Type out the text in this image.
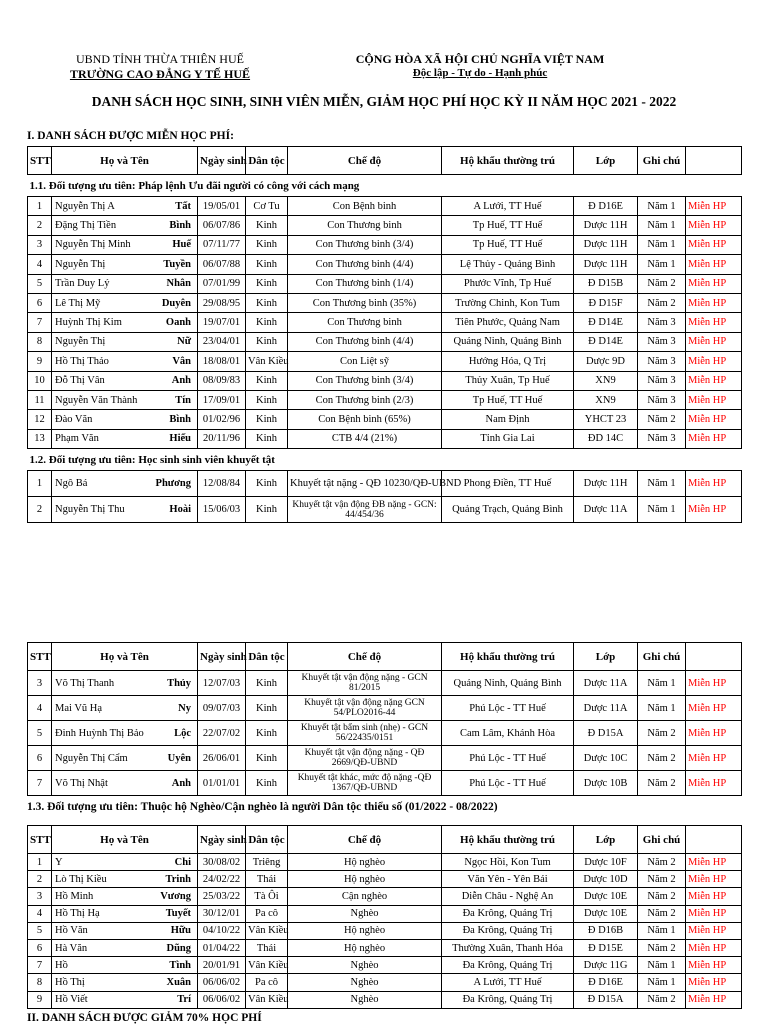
UBND TỈNH THỪA THIÊN HUẾ
TRƯỜNG CAO ĐẲNG Y TẾ HUẾ
CỘNG HÒA XÃ HỘI CHỦ NGHĨA VIỆT NAM
Độc lập - Tự do - Hạnh phúc
DANH SÁCH HỌC SINH, SINH VIÊN MIỄN, GIẢM HỌC PHÍ HỌC KỲ II NĂM HỌC 2021 - 2022
I. DANH SÁCH ĐƯỢC MIỄN HỌC PHÍ:
STT	Họ và Tên		Ngày sinh	Dân tộc	Chế độ	Hộ khẩu thường trú	Lớp	Ghi chú	
1.1. Đối tượng ưu tiên: Pháp lệnh Ưu đãi người có công với cách mạng									
1	Nguyễn Thị A	Tất	19/05/01	Cơ Tu	Con Bệnh binh	A Lưới, TT Huế	Đ D16E	Năm 1	Miễn HP
2	Đặng Thị Tiền	Bình	06/07/86	Kinh	Con Thương binh	Tp Huế, TT Huế	Dược 11H	Năm 1	Miễn HP
3	Nguyễn Thị Minh	Huế	07/11/77	Kinh	Con Thương binh (3/4)	Tp Huế, TT Huế	Dược 11H	Năm 1	Miễn HP
4	Nguyễn Thị	Tuyền	06/07/88	Kinh	Con Thương binh (4/4)	Lệ Thủy - Quảng Bình	Dược 11H	Năm 1	Miễn HP
5	Trần Duy Lý	Nhân	07/01/99	Kinh	Con Thương binh (1/4)	Phước Vĩnh, Tp Huế	Đ D15B	Năm 2	Miễn HP
6	Lê Thị Mỹ	Duyên	29/08/95	Kinh	Con Thương binh (35%)	Trường Chinh, Kon Tum	Đ D15F	Năm 2	Miễn HP
7	Huỳnh Thị Kim	Oanh	19/07/01	Kinh	Con Thương binh	Tiên Phước, Quảng Nam	Đ D14E	Năm 3	Miễn HP
8	Nguyễn Thị	Nữ	23/04/01	Kinh	Con Thương binh (4/4)	Quảng Ninh, Quảng Bình	Đ D14E	Năm 3	Miễn HP
9	Hồ Thị Thảo	Vân	18/08/01	Vân Kiều	Con Liệt sỹ	Hướng Hóa, Q Trị	Dược 9D	Năm 3	Miễn HP
10	Đỗ Thị Vân	Anh	08/09/83	Kinh	Con Thương binh (3/4)	Thủy Xuân, Tp Huế	XN9	Năm 3	Miễn HP
11	Nguyễn Văn Thành	Tín	17/09/01	Kinh	Con Thương binh (2/3)	Tp Huế, TT Huế	XN9	Năm 3	Miễn HP
12	Đào Văn	Bình	01/02/96	Kinh	Con Bệnh binh (65%)	Nam Định	YHCT 23	Năm 2	Miễn HP
13	Phạm Văn	Hiếu	20/11/96	Kinh	CTB 4/4 (21%)	Tỉnh Gia Lai	ĐD 14C	Năm 3	Miễn HP
1.2. Đối tượng ưu tiên: Học sinh sinh viên khuyết tật									
1	Ngô Bá	Phương	12/08/84	Kinh	Khuyết tật nặng - QĐ 10230/QĐ-UBND	Phong Điền, TT Huế	Dược 11H	Năm 1	Miễn HP
2	Nguyễn Thị Thu	Hoài	15/06/03	Kinh	Khuyết tật vận động ĐB nặng - GCN: 44/454/36	Quảng Trạch, Quảng Bình	Dược 11A	Năm 1	Miễn HP
STT	Họ và Tên		Ngày sinh	Dân tộc	Chế độ	Hộ khẩu thường trú	Lớp	Ghi chú	
3	Võ Thị Thanh	Thủy	12/07/03	Kinh	Khuyết tật vận động nặng - GCN 81/2015	Quảng Ninh, Quảng Bình	Dược 11A	Năm 1	Miễn HP
4	Mai Vũ Hạ	Ny	09/07/03	Kinh	Khuyết tật vận động nặng GCN 54/PLO2016-44	Phú Lộc - TT Huế	Dược 11A	Năm 1	Miễn HP
5	Đinh Huỳnh Thị Bảo	Lộc	22/07/02	Kinh	Khuyết tật bẩm sinh (nhẹ) - GCN 56/22435/0151	Cam Lâm, Khánh Hòa	Đ D15A	Năm 2	Miễn HP
6	Nguyễn Thị Cẩm	Uyên	26/06/01	Kinh	Khuyết tật vận động nặng - QĐ 2669/QĐ-UBND	Phú Lộc - TT Huế	Dược 10C	Năm 2	Miễn HP
7	Võ Thị Nhật	Anh	01/01/01	Kinh	Khuyết tật khác, mức độ nặng -QĐ 1367/QĐ-UBND	Phú Lộc - TT Huế	Dược 10B	Năm 2	Miễn HP
1.3. Đối tượng ưu tiên: Thuộc hộ Nghèo/Cận nghèo là người Dân tộc thiểu số (01/2022 - 08/2022)
STT	Họ và Tên		Ngày sinh	Dân tộc	Chế độ	Hộ khẩu thường trú	Lớp	Ghi chú	
1	Y	Chi	30/08/02	Triêng	Hộ nghèo	Ngọc Hồi, Kon Tum	Dược 10F	Năm 2	Miễn HP
2	Lò Thị Kiều	Trinh	24/02/22	Thái	Hộ nghèo	Văn Yên - Yên Bái	Dược 10D	Năm 2	Miễn HP
3	Hồ Minh	Vương	25/03/22	Tà Ôi	Cận nghèo	Diễn Châu - Nghệ An	Dược 10E	Năm 2	Miễn HP
4	Hồ Thị Hạ	Tuyết	30/12/01	Pa cô	Nghèo	Đa Krông, Quảng Trị	Dược 10E	Năm 2	Miễn HP
5	Hồ Văn	Hữu	04/10/22	Vân Kiều	Hộ nghèo	Đa Krông, Quảng Trị	Đ D16B	Năm 1	Miễn HP
6	Hà Văn	Dũng	01/04/22	Thái	Hộ nghèo	Thường Xuân, Thanh Hóa	Đ D15E	Năm 2	Miễn HP
7	Hồ	Tình	20/01/91	Vân Kiều	Nghèo	Đa Krông, Quảng Trị	Dược 11G	Năm 1	Miễn HP
8	Hồ Thị	Xuân	06/06/02	Pa cô	Nghèo	A Lưới, TT Huế	Đ D16E	Năm 1	Miễn HP
9	Hồ Viết	Trí	06/06/02	Vân Kiều	Nghèo	Đa Krông, Quảng Trị	Đ D15A	Năm 2	Miễn HP
II. DANH SÁCH ĐƯỢC GIẢM 70% HỌC PHÍ
